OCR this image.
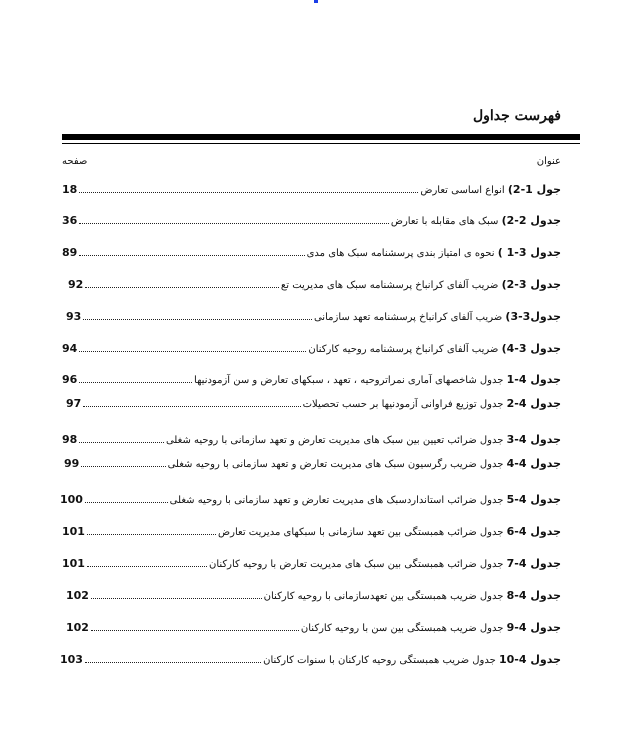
فهرست جداول
عنوان
صفحه
جول 1-2) انواع اساسی تعارض
18
جدول 2-2) سبک های مقابله با تعارض
36
جدول 3-1 ) نحوه ی امتیاز بندی پرسشنامه سبک های مدی
89
جدول 3-2) ضریب آلفای کرانباخ پرسشنامه سبک های مدیریت تع
92
جدول3-3) ضریب آلفای کرانباخ پرسشنامه تعهد سازمانی
93
جدول 3-4) ضریب آلفای کرانباخ پرسشنامه روحیه کارکنان
94
جدول 4-1 جدول شاخصهای آماری نمراتروحیه ، تعهد ، سبکهای تعارض و سن آزمودنیها
96
جدول 4-2 جدول توزیع فراوانی آزمودنیها بر حسب تحصیلات
97
جدول 4-3 جدول ضرائب تعیین بین سبک های مدیریت تعارض و تعهد سازمانی با روحیه شغلی
98
جدول 4-4 جدول ضریب رگرسیون سبک های مدیریت تعارض و تعهد سازمانی با روحیه شغلی
99
جدول 4-5 جدول ضرائب استانداردسبک های مدیریت تعارض و تعهد سازمانی با روحیه شغلی
100
جدول 4-6 جدول ضرائب همبستگی بین تعهد سازمانی با سبکهای مدیریت تعارض
101
جدول 4-7 جدول ضرائب همبستگی بین سبک های مدیریت تعارض با روحیه کارکنان
101
جدول 4-8 جدول ضریب همبستگی بین تعهدسازمانی با روحیه کارکنان
102
جدول 4-9 جدول ضریب همبستگی بین سن با روحیه کارکنان
102
جدول 4-10 جدول ضریب همبستگی روحیه کارکنان با سنوات کارکنان
103
